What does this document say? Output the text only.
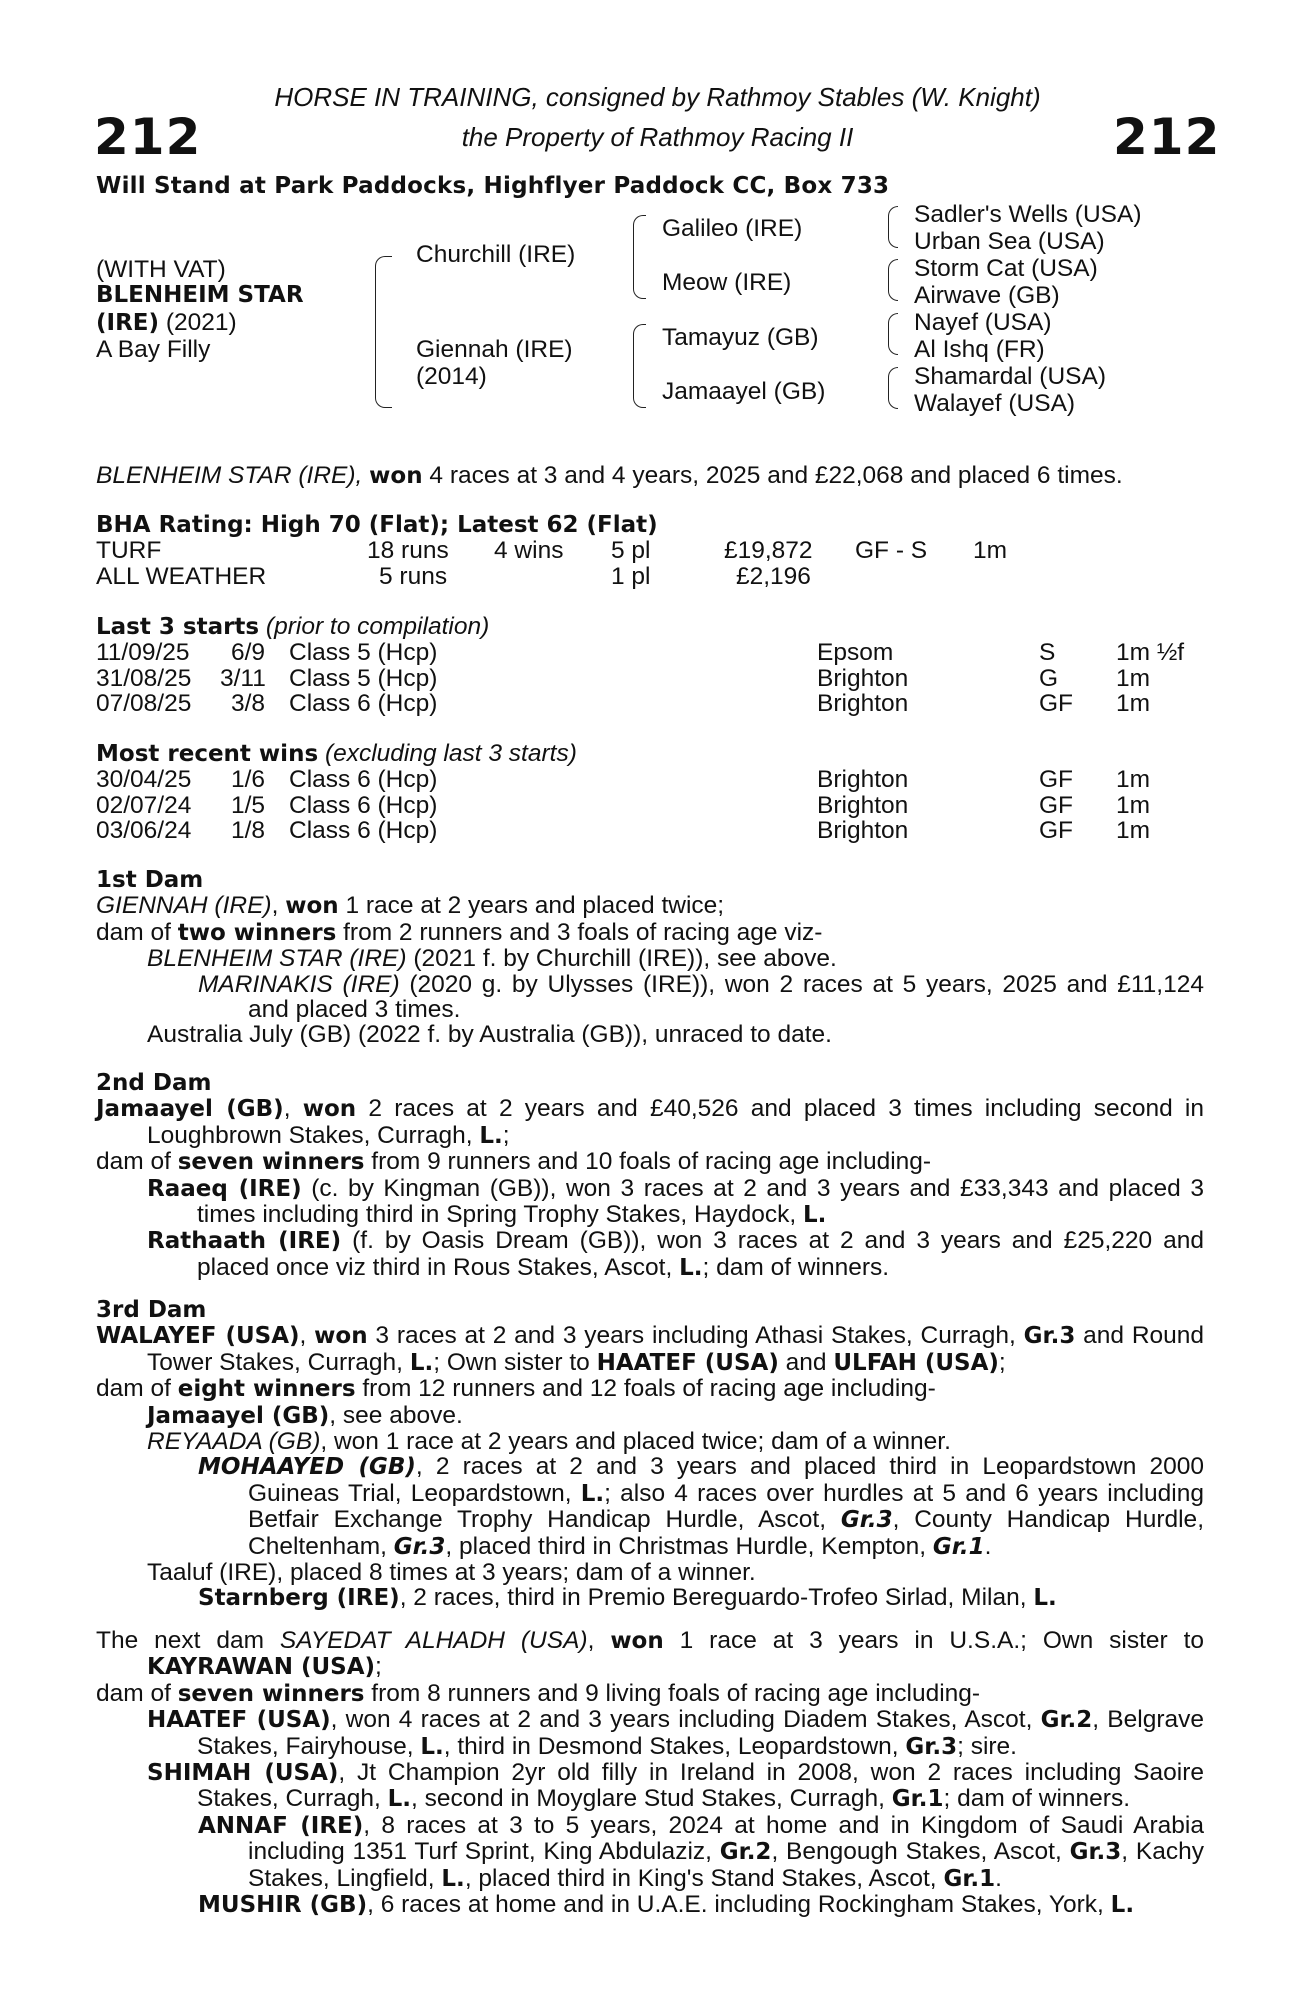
212	212
HORSE IN TRAINING, consigned by Rathmoy Stables (W. Knight)
the Property of Rathmoy Racing II
Will Stand at Park Paddocks, Highflyer Paddock CC, Box 733
(WITH VAT)
BLENHEIM STAR
(IRE) (2021)
A Bay Filly
Churchill (IRE)
Giennah (IRE)
(2014)
Galileo (IRE)
Meow (IRE)
Tamayuz (GB)
Jamaayel (GB)
Sadler's Wells (USA)
Urban Sea (USA)
Storm Cat (USA)
Airwave (GB)
Nayef (USA)
Al Ishq (FR)
Shamardal (USA)
Walayef (USA)
BLENHEIM STAR (IRE), won 4 races at 3 and 4 years, 2025 and £22,068 and placed 6 times.
BHA Rating: High 70 (Flat); Latest 62 (Flat)
TURF	18 runs 4 wins 5 pl	£19,872 GF - S 1m
ALL WEATHER	5 runs	1 pl	£2,196
Last 3 starts (prior to compilation)
11/09/25 6/9 Class 5 (Hcp)	Epsom	S 1m ½f
31/08/25 3/11 Class 5 (Hcp)	Brighton	G 1m
07/08/25 3/8 Class 6 (Hcp)	Brighton	GF 1m
Most recent wins (excluding last 3 starts)
30/04/25 1/6 Class 6 (Hcp)	Brighton	GF 1m
02/07/24 1/5 Class 6 (Hcp)	Brighton	GF 1m
03/06/24 1/8 Class 6 (Hcp)	Brighton	GF 1m
1st Dam

GIENNAH (IRE), won 1 race at 2 years and placed twice;

dam of two winners from 2 runners and 3 foals of racing age viz-

BLENHEIM STAR (IRE) (2021 f. by Churchill (IRE)), see above.

MARINAKIS (IRE) (2020 g. by Ulysses (IRE)), won 2 races at 5 years, 2025 and £11,124 and placed 3 times.

Australia July (GB) (2022 f. by Australia (GB)), unraced to date.

2nd Dam

Jamaayel (GB), won 2 races at 2 years and £40,526 and placed 3 times including second in Loughbrown Stakes, Curragh, L.;

dam of seven winners from 9 runners and 10 foals of racing age including-

Raaeq (IRE) (c. by Kingman (GB)), won 3 races at 2 and 3 years and £33,343 and placed 3 times including third in Spring Trophy Stakes, Haydock, L.

Rathaath (IRE) (f. by Oasis Dream (GB)), won 3 races at 2 and 3 years and £25,220 and placed once viz third in Rous Stakes, Ascot, L.; dam of winners.

3rd Dam

WALAYEF (USA), won 3 races at 2 and 3 years including Athasi Stakes, Curragh, Gr.3 and Round Tower Stakes, Curragh, L.; Own sister to HAATEF (USA) and ULFAH (USA);

dam of eight winners from 12 runners and 12 foals of racing age including-

Jamaayel (GB), see above.

REYAADA (GB), won 1 race at 2 years and placed twice; dam of a winner.

MOHAAYED (GB), 2 races at 2 and 3 years and placed third in Leopardstown 2000 Guineas Trial, Leopardstown, L.; also 4 races over hurdles at 5 and 6 years including Betfair Exchange Trophy Handicap Hurdle, Ascot, Gr.3, County Handicap Hurdle, Cheltenham, Gr.3, placed third in Christmas Hurdle, Kempton, Gr.1.

Taaluf (IRE), placed 8 times at 3 years; dam of a winner.

Starnberg (IRE), 2 races, third in Premio Bereguardo-Trofeo Sirlad, Milan, L.

The next dam SAYEDAT ALHADH (USA), won 1 race at 3 years in U.S.A.; Own sister to KAYRAWAN (USA);

dam of seven winners from 8 runners and 9 living foals of racing age including-

HAATEF (USA), won 4 races at 2 and 3 years including Diadem Stakes, Ascot, Gr.2, Belgrave Stakes, Fairyhouse, L., third in Desmond Stakes, Leopardstown, Gr.3; sire.

SHIMAH (USA), Jt Champion 2yr old filly in Ireland in 2008, won 2 races including Saoire Stakes, Curragh, L., second in Moyglare Stud Stakes, Curragh, Gr.1; dam of winners.

ANNAF (IRE), 8 races at 3 to 5 years, 2024 at home and in Kingdom of Saudi Arabia including 1351 Turf Sprint, King Abdulaziz, Gr.2, Bengough Stakes, Ascot, Gr.3, Kachy Stakes, Lingfield, L., placed third in King's Stand Stakes, Ascot, Gr.1.

MUSHIR (GB), 6 races at home and in U.A.E. including Rockingham Stakes, York, L.
